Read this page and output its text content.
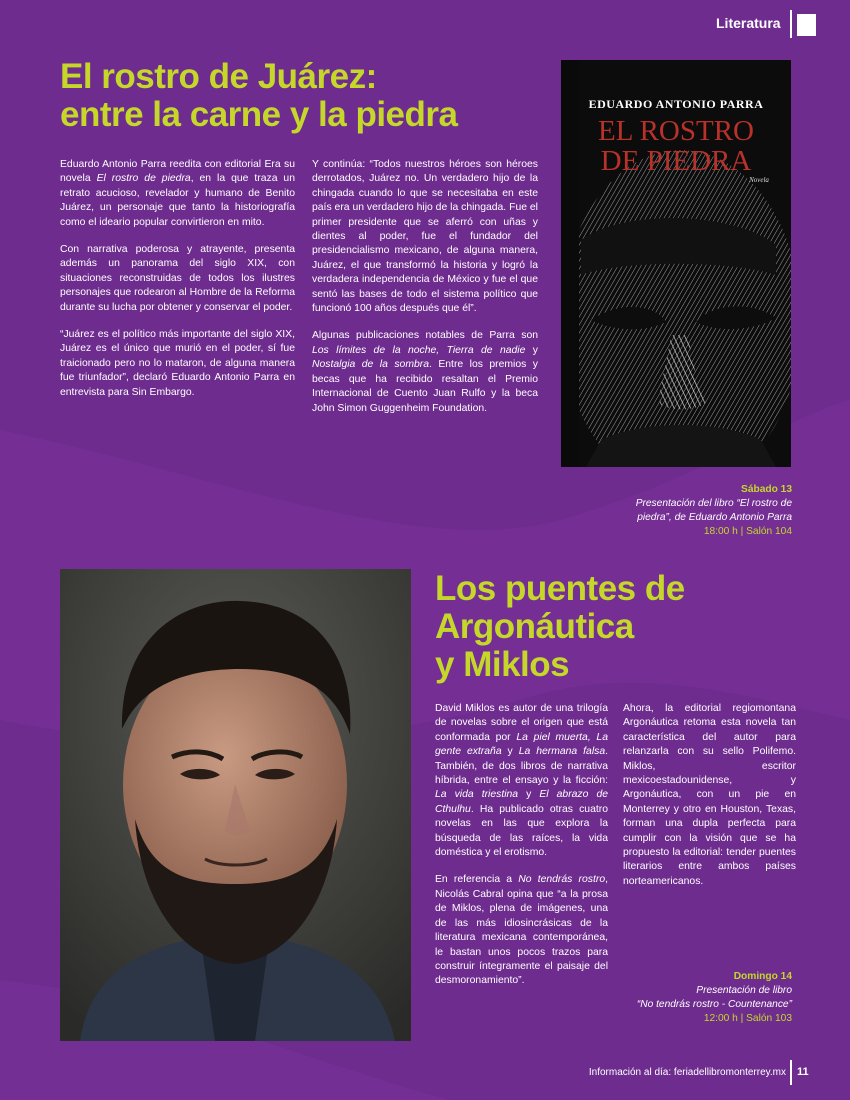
Literatura
El rostro de Juárez:
entre la carne y la piedra

Eduardo Antonio Parra reedita con editorial Era su novela El rostro de piedra, en la que traza un retrato acucioso, revelador y humano de Benito Juárez, un personaje que tanto la historiografía como el ideario popular convirtieron en mito.

Con narrativa poderosa y atrayente, presenta además un panorama del siglo XIX, con situaciones reconstruidas de todos los ilustres personajes que rodearon al Hombre de la Reforma durante su lucha por obtener y conservar el poder.

“Juárez es el político más importante del siglo XIX, Juárez es el único que murió en el poder, sí fue traicionado pero no lo mataron, de alguna manera fue triunfador”, declaró Eduardo Antonio Parra en entrevista para Sin Embargo.

Y continúa: “Todos nuestros héroes son héroes derrotados, Juárez no. Un verdadero hijo de la chingada cuando lo que se necesitaba en este país era un verdadero hijo de la chingada. Fue el primer presidente que se aferró con uñas y dientes al poder, fue el fundador del presidencialismo mexicano, de alguna manera, Juárez, el que transformó la historia y logró la verdadera independencia de México y fue el que sentó las bases de todo el sistema político que funcionó 100 años después que él”.

Algunas publicaciones notables de Parra son Los límites de la noche, Tierra de nadie y Nostalgia de la sombra. Entre los premios y becas que ha recibido resaltan el Premio Internacional de Cuento Juan Rulfo y la beca John Simon Guggenheim Foundation.

EDUARDO ANTONIO PARRA
EL ROSTRO
DE PIEDRA
Novela
Sábado 13
Presentación del libro “El rostro de
piedra”, de Eduardo Antonio Parra
18:00 h | Salón 104
Los puentes de
Argonáutica
y Miklos

David Miklos es autor de una trilogía de novelas sobre el origen que está conformada por La piel muerta, La gente extraña y La hermana falsa. También, de dos libros de narrativa híbrida, entre el ensayo y la ficción: La vida triestina y El abrazo de Cthulhu. Ha publicado otras cuatro novelas en las que explora la búsqueda de las raíces, la vida doméstica y el erotismo.

En referencia a No tendrás rostro, Nicolás Cabral opina que “a la prosa de Miklos, plena de imágenes, una de las más idiosincrásicas de la literatura mexicana contemporánea, le bastan unos pocos trazos para construir íntegramente el paisaje del desmoronamiento”.

Ahora, la editorial regiomontana Argonáutica retoma esta novela tan característica del autor para relanzarla con su sello Polifemo. Miklos, escritor mexicoestadounidense, y Argonáutica, con un pie en Monterrey y otro en Houston, Texas, forman una dupla perfecta para cumplir con la visión que se ha propuesto la editorial: tender puentes literarios entre ambos países norteamericanos.

Domingo 14
Presentación de libro
“No tendrás rostro - Countenance”
12:00 h | Salón 103
Información al día: feriadellibromonterrey.mx 11
